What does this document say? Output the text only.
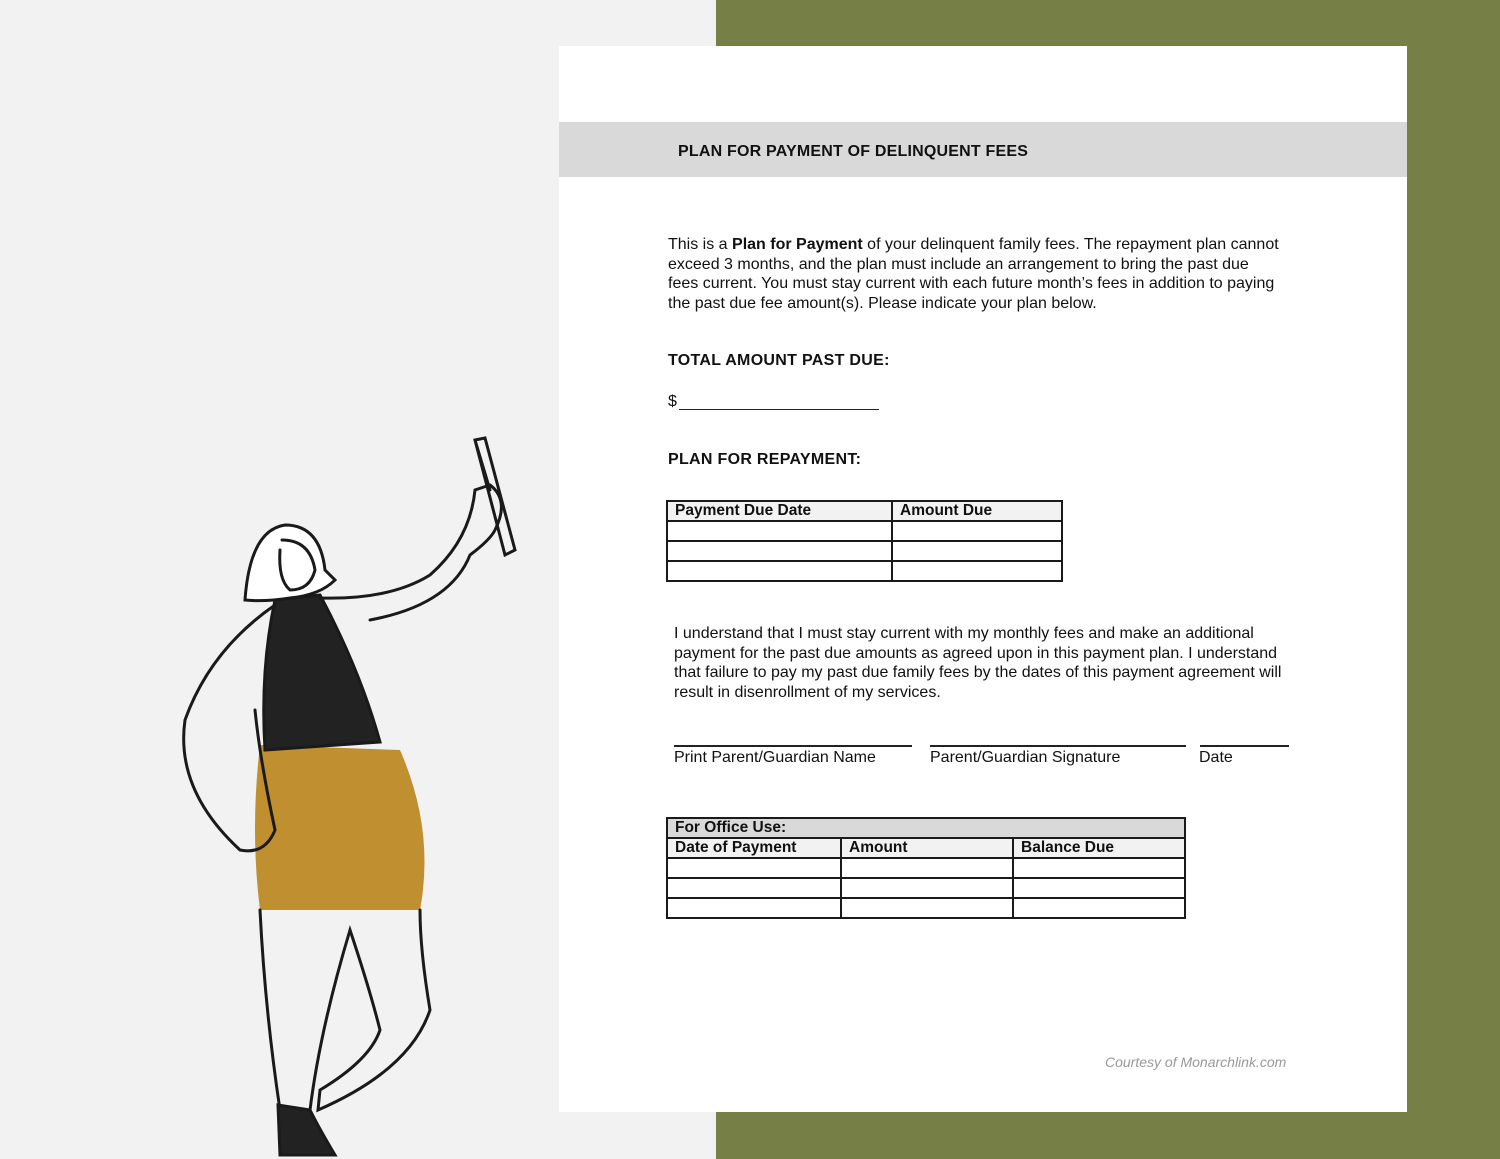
PLAN FOR PAYMENT OF DELINQUENT FEES

This is a Plan for Payment of your delinquent family fees. The repayment plan cannot exceed 3 months, and the plan must include an arrangement to bring the past due fees current. You must stay current with each future month’s fees in addition to paying the past due fee amount(s). Please indicate your plan below.

TOTAL AMOUNT PAST DUE:
$
PLAN FOR REPAYMENT:
Payment Due Date	Amount Due

I understand that I must stay current with my monthly fees and make an additional payment for the past due amounts as agreed upon in this payment plan. I understand that failure to pay my past due family fees by the dates of this payment agreement will result in disenrollment of my services.

Print Parent/Guardian Name	Parent/Guardian Signature	Date
For Office Use:		
Date of Payment	Amount	Balance Due

Courtesy of Monarchlink.com
